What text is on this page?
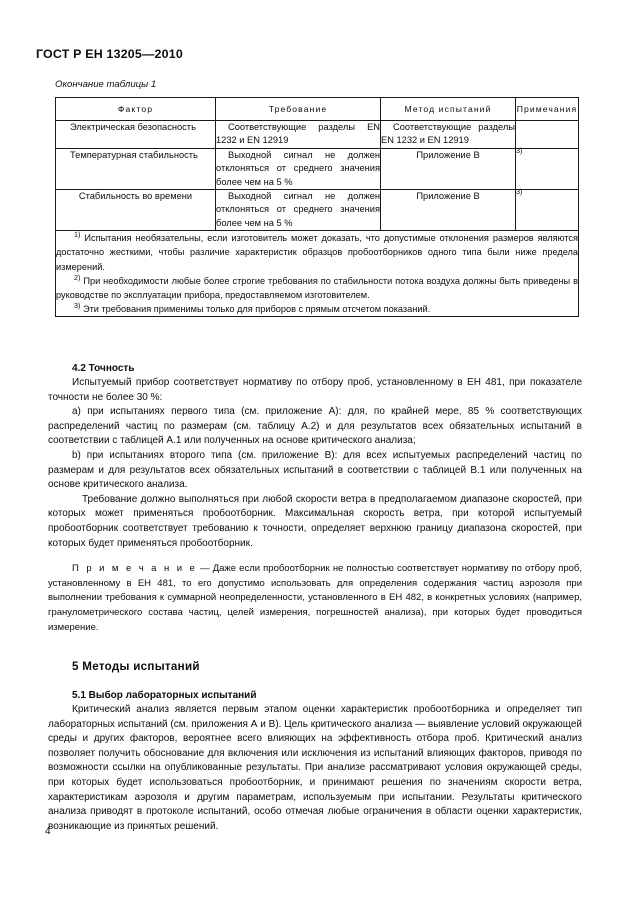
ГОСТ Р ЕН 13205—2010
Окончание таблицы 1
Фактор	Требование	Метод испытаний	Примечания

Электрическая безопасность	Соответствующие разделы EN 1232 и EN 12919	Соответствующие разделы EN 1232 и EN 12919	

Температурная стабильность	Выходной сигнал не должен отклоняться от среднего значения более чем на 5 %	Приложение B	$^{3)}$

Стабильность во времени	Выходной сигнал не должен отклоняться от среднего значения более чем на 5 %	Приложение B	$^{3)}$

$^{1)}$ Испытания необязательны, если изготовитель может доказать, что допустимые отклонения размеров являются достаточно жесткими, чтобы различие характеристик образцов пробоотборников одного типа были ниже предела измерений.

$^{2)}$ При необходимости любые более строгие требования по стабильности потока воздуха должны быть приведены в руководстве по эксплуатации прибора, предоставляемом изготовителем.

$^{3)}$ Эти требования применимы только для приборов с прямым отсчетом показаний.			

4.2 Точность

Испытуемый прибор соответствует нормативу по отбору проб, установленному в ЕН 481, при показателе точности не более 30 %:

a) при испытаниях первого типа (см. приложение А): для, по крайней мере, 85 % соответствующих распределений частиц по размерам (см. таблицу А.2) и для результатов всех обязательных испытаний в соответствии с таблицей А.1 или полученных на основе критического анализа;

b) при испытаниях второго типа (см. приложение В): для всех испытуемых распределений частиц по размерам и для результатов всех обязательных испытаний в соответствии с таблицей В.1 или полученных на основе критического анализа.

Требование должно выполняться при любой скорости ветра в предполагаемом диапазоне скоростей, при которых может применяться пробоотборник. Максимальная скорость ветра, при которой испытуемый пробоотборник соответствует требованию к точности, определяет верхнюю границу диапазона скоростей, при которых будет применяться пробоотборник.

П р и м е ч а н и е — Даже если пробоотборник не полностью соответствует нормативу по отбору проб, установленному в ЕН 481, то его допустимо использовать для определения содержания частиц аэрозоля при выполнении требования к суммарной неопределенности, установленного в ЕН 482, в конкретных условиях (например, гранулометрического состава частиц, целей измерения, погрешностей анализа), при которых будет проводиться измерение.

5 Методы испытаний
5.1 Выбор лабораторных испытаний

Критический анализ является первым этапом оценки характеристик пробоотборника и определяет тип лабораторных испытаний (см. приложения А и В). Цель критического анализа — выявление условий окружающей среды и других факторов, вероятнее всего влияющих на эффективность отбора проб. Критический анализ позволяет получить обоснование для включения или исключения из испытаний влияющих факторов, приводя по возможности ссылки на опубликованные результаты. При анализе рассматривают условия окружающей среды, при которых будет использоваться пробоотборник, и принимают решения по значениям скорости ветра, характеристикам аэрозоля и другим параметрам, используемым при испытании. Результаты критического анализа приводят в протоколе испытаний, особо отмечая любые ограничения в области оценки характеристик, возникающие из принятых решений.

4
